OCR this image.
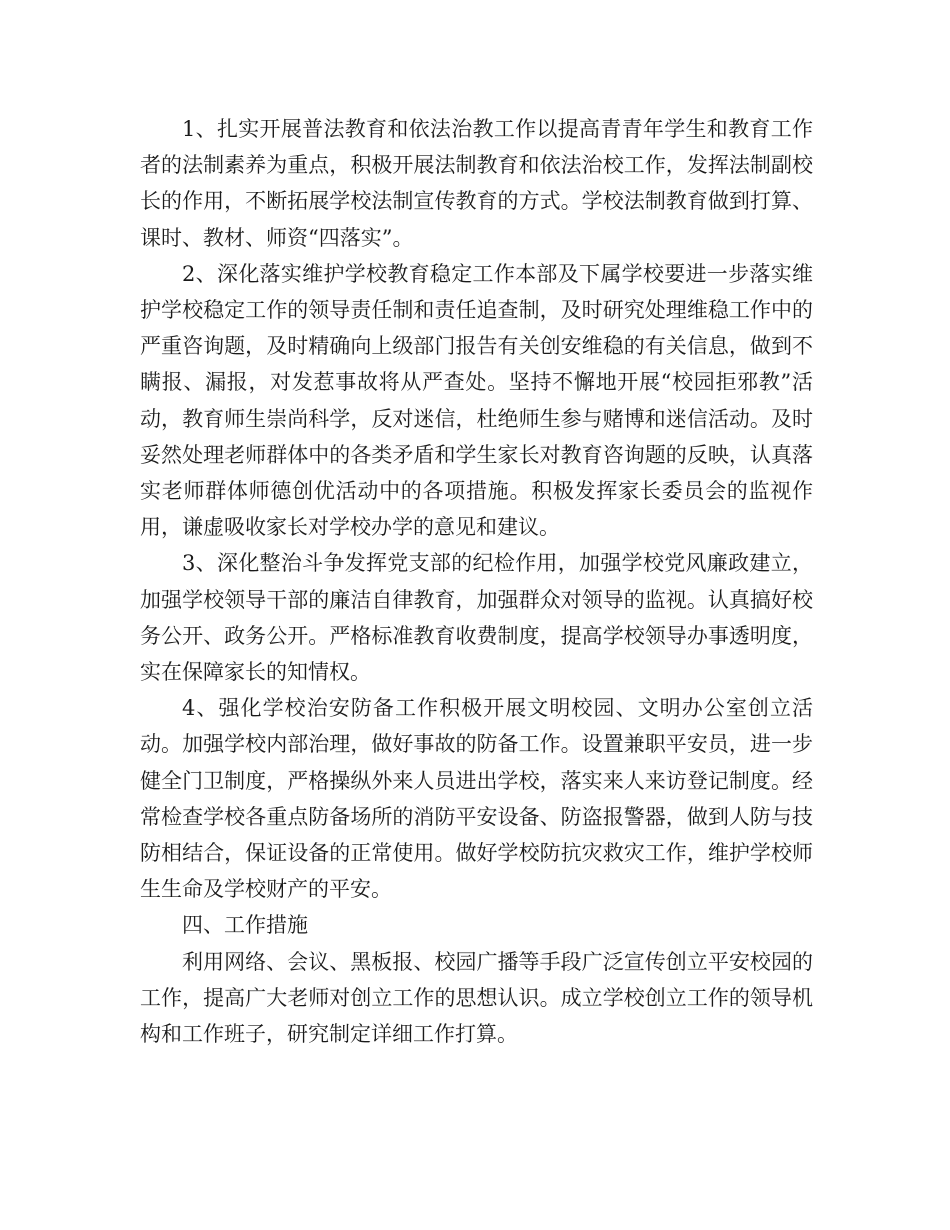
1、扎实开展普法教育和依法治教工作以提高青青年学生和教育工作者的法制素养为重点，积极开展法制教育和依法治校工作，发挥法制副校长的作用，不断拓展学校法制宣传教育的方式。学校法制教育做到打算、课时、教材、师资“四落实”。

2、深化落实维护学校教育稳定工作本部及下属学校要进一步落实维护学校稳定工作的领导责任制和责任追查制，及时研究处理维稳工作中的严重咨询题，及时精确向上级部门报告有关创安维稳的有关信息，做到不瞒报、漏报，对发惹事故将从严查处。坚持不懈地开展“校园拒邪教”活动，教育师生崇尚科学，反对迷信，杜绝师生参与赌博和迷信活动。及时妥然处理老师群体中的各类矛盾和学生家长对教育咨询题的反映，认真落实老师群体师德创优活动中的各项措施。积极发挥家长委员会的监视作用，谦虚吸收家长对学校办学的意见和建议。

3、深化整治斗争发挥党支部的纪检作用，加强学校党风廉政建立，加强学校领导干部的廉洁自律教育，加强群众对领导的监视。认真搞好校务公开、政务公开。严格标准教育收费制度，提高学校领导办事透明度，实在保障家长的知情权。

4、强化学校治安防备工作积极开展文明校园、文明办公室创立活动。加强学校内部治理，做好事故的防备工作。设置兼职平安员，进一步健全门卫制度，严格操纵外来人员进出学校，落实来人来访登记制度。经常检查学校各重点防备场所的消防平安设备、防盗报警器，做到人防与技防相结合，保证设备的正常使用。做好学校防抗灾救灾工作，维护学校师生生命及学校财产的平安。

四、工作措施

利用网络、会议、黑板报、校园广播等手段广泛宣传创立平安校园的工作，提高广大老师对创立工作的思想认识。成立学校创立工作的领导机构和工作班子，研究制定详细工作打算。
